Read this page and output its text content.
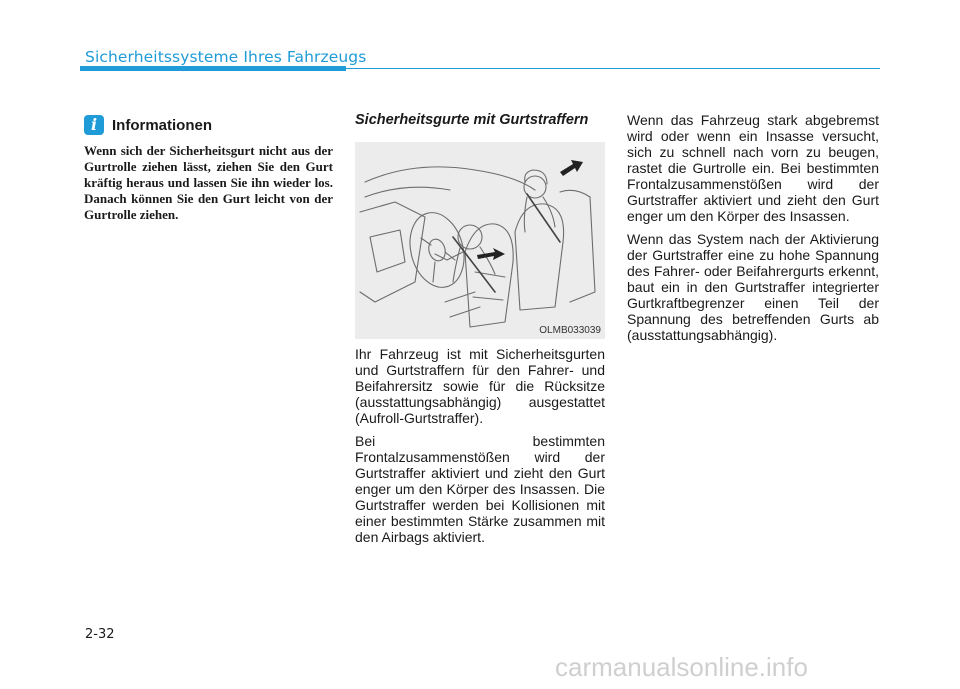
Sicherheitssysteme Ihres Fahrzeugs
i Informationen
Wenn sich der Sicherheitsgurt nicht aus der Gurtrolle ziehen lässt, ziehen Sie den Gurt kräftig heraus und lassen Sie ihn wieder los. Danach können Sie den Gurt leicht von der Gurtrolle ziehen.
Sicherheitsgurte mit Gurtstraffern
OLMB033039

Ihr Fahrzeug ist mit Sicherheitsgurten und Gurtstraffern für den Fahrer- und Beifahrersitz sowie für die Rücksitze (ausstattungsabhängig) ausgestattet (Aufroll-Gurtstraffer).

Bei bestimmten Frontalzusammenstößen wird der Gurtstraffer aktiviert und zieht den Gurt enger um den Körper des Insassen. Die Gurtstraffer werden bei Kollisionen mit einer bestimmten Stärke zusammen mit den Airbags aktiviert.

Wenn das Fahrzeug stark abgebremst wird oder wenn ein Insasse versucht, sich zu schnell nach vorn zu beugen, rastet die Gurtrolle ein. Bei bestimmten Frontalzusammenstößen wird der Gurtstraffer aktiviert und zieht den Gurt enger um den Körper des Insassen.

Wenn das System nach der Aktivierung der Gurtstraffer eine zu hohe Spannung des Fahrer- oder Beifahrergurts erkennt, baut ein in den Gurtstraffer integrierter Gurtkraftbegrenzer einen Teil der Spannung des betreffenden Gurts ab (ausstattungsabhängig).

2-32
carmanualsonline.info
